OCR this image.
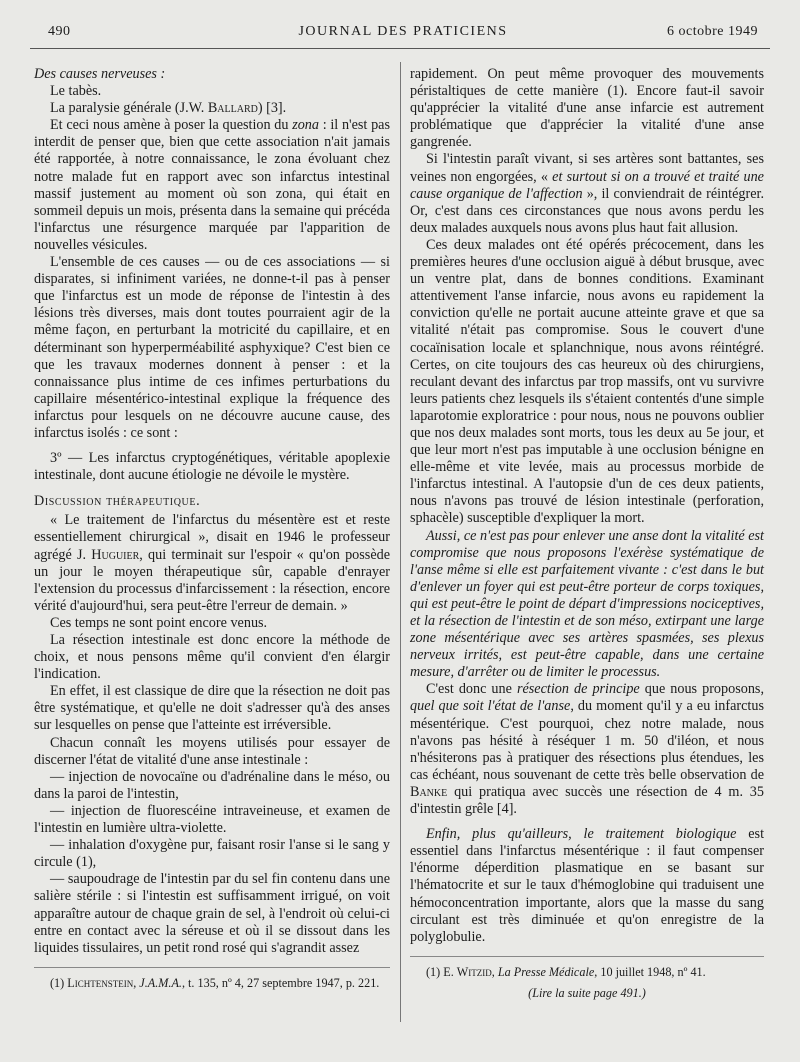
490	JOURNAL DES PRATICIENS	6 octobre 1949

Des causes nerveuses :

Le tabès.

La paralysie générale (J.W. Ballard) [3].

Et ceci nous amène à poser la question du zona : il n'est pas interdit de penser que, bien que cette association n'ait jamais été rapportée, à notre connaissance, le zona évoluant chez notre malade fut en rapport avec son infarctus intestinal massif justement au moment où son zona, qui était en sommeil depuis un mois, présenta dans la semaine qui précéda l'infarctus une résurgence marquée par l'apparition de nouvelles vésicules.

L'ensemble de ces causes — ou de ces associations — si disparates, si infiniment variées, ne donne-t-il pas à penser que l'infarctus est un mode de réponse de l'intestin à des lésions très diverses, mais dont toutes pourraient agir de la même façon, en perturbant la motricité du capillaire, et en déterminant son hyperperméabilité asphyxique? C'est bien ce que les travaux modernes donnent à penser : et la connaissance plus intime de ces infimes perturbations du capillaire mésentérico-intestinal explique la fréquence des infarctus pour lesquels on ne découvre aucune cause, des infarctus isolés : ce sont :

3º — Les infarctus cryptogénétiques, véritable apoplexie intestinale, dont aucune étiologie ne dévoile le mystère.

Discussion thérapeutique.

« Le traitement de l'infarctus du mésentère est et reste essentiellement chirurgical », disait en 1946 le professeur agrégé J. Huguier, qui terminait sur l'espoir « qu'on possède un jour le moyen thérapeutique sûr, capable d'enrayer l'extension du processus d'infarcissement : la résection, encore vérité d'aujourd'hui, sera peut-être l'erreur de demain. »

Ces temps ne sont point encore venus.

La résection intestinale est donc encore la méthode de choix, et nous pensons même qu'il convient d'en élargir l'indication.

En effet, il est classique de dire que la résection ne doit pas être systématique, et qu'elle ne doit s'adresser qu'à des anses sur lesquelles on pense que l'atteinte est irréversible.

Chacun connaît les moyens utilisés pour essayer de discerner l'état de vitalité d'une anse intestinale :

— injection de novocaïne ou d'adrénaline dans le méso, ou dans la paroi de l'intestin,

— injection de fluorescéine intraveineuse, et examen de l'intestin en lumière ultra-violette.

— inhalation d'oxygène pur, faisant rosir l'anse si le sang y circule (1),

— saupoudrage de l'intestin par du sel fin contenu dans une salière stérile : si l'intestin est suffisamment irrigué, on voit apparaître autour de chaque grain de sel, à l'endroit où celui-ci entre en contact avec la séreuse et où il se dissout dans les liquides tissulaires, un petit rond rosé qui s'agrandit assez

(1) Lichtenstein, J.A.M.A., t. 135, nº 4, 27 septembre 1947, p. 221.

rapidement. On peut même provoquer des mouvements péristaltiques de cette manière (1). Encore faut-il savoir qu'apprécier la vitalité d'une anse infarcie est autrement problématique que d'apprécier la vitalité d'une anse gangrenée.

Si l'intestin paraît vivant, si ses artères sont battantes, ses veines non engorgées, « et surtout si on a trouvé et traité une cause organique de l'affection », il conviendrait de réintégrer. Or, c'est dans ces circonstances que nous avons perdu les deux malades auxquels nous avons plus haut fait allusion.

Ces deux malades ont été opérés précocement, dans les premières heures d'une occlusion aiguë à début brusque, avec un ventre plat, dans de bonnes conditions. Examinant attentivement l'anse infarcie, nous avons eu rapidement la conviction qu'elle ne portait aucune atteinte grave et que sa vitalité n'était pas compromise. Sous le couvert d'une cocaïnisation locale et splanchnique, nous avons réintégré. Certes, on cite toujours des cas heureux où des chirurgiens, reculant devant des infarctus par trop massifs, ont vu survivre leurs patients chez lesquels ils s'étaient contentés d'une simple laparotomie exploratrice : pour nous, nous ne pouvons oublier que nos deux malades sont morts, tous les deux au 5e jour, et que leur mort n'est pas imputable à une occlusion bénigne en elle-même et vite levée, mais au processus morbide de l'infarctus intestinal. A l'autopsie d'un de ces deux patients, nous n'avons pas trouvé de lésion intestinale (perforation, sphacèle) susceptible d'expliquer la mort.

Aussi, ce n'est pas pour enlever une anse dont la vitalité est compromise que nous proposons l'exérèse systématique de l'anse même si elle est parfaitement vivante : c'est dans le but d'enlever un foyer qui est peut-être porteur de corps toxiques, qui est peut-être le point de départ d'impressions nociceptives, et la résection de l'intestin et de son méso, extirpant une large zone mésentérique avec ses artères spasmées, ses plexus nerveux irrités, est peut-être capable, dans une certaine mesure, d'arrêter ou de limiter le processus.

C'est donc une résection de principe que nous proposons, quel que soit l'état de l'anse, du moment qu'il y a eu infarctus mésentérique. C'est pourquoi, chez notre malade, nous n'avons pas hésité à réséquer 1 m. 50 d'iléon, et nous n'hésiterons pas à pratiquer des résections plus étendues, les cas échéant, nous souvenant de cette très belle observation de Banke qui pratiqua avec succès une résection de 4 m. 35 d'intestin grêle [4].

Enfin, plus qu'ailleurs, le traitement biologique est essentiel dans l'infarctus mésentérique : il faut compenser l'énorme déperdition plasmatique en se basant sur l'hématocrite et sur le taux d'hémoglobine qui traduisent une hémoconcentration importante, alors que la masse du sang circulant est très diminuée et qu'on enregistre de la polyglobulie.

(1) E. Witzid, La Presse Médicale, 10 juillet 1948, nº 41.

(Lire la suite page 491.)
